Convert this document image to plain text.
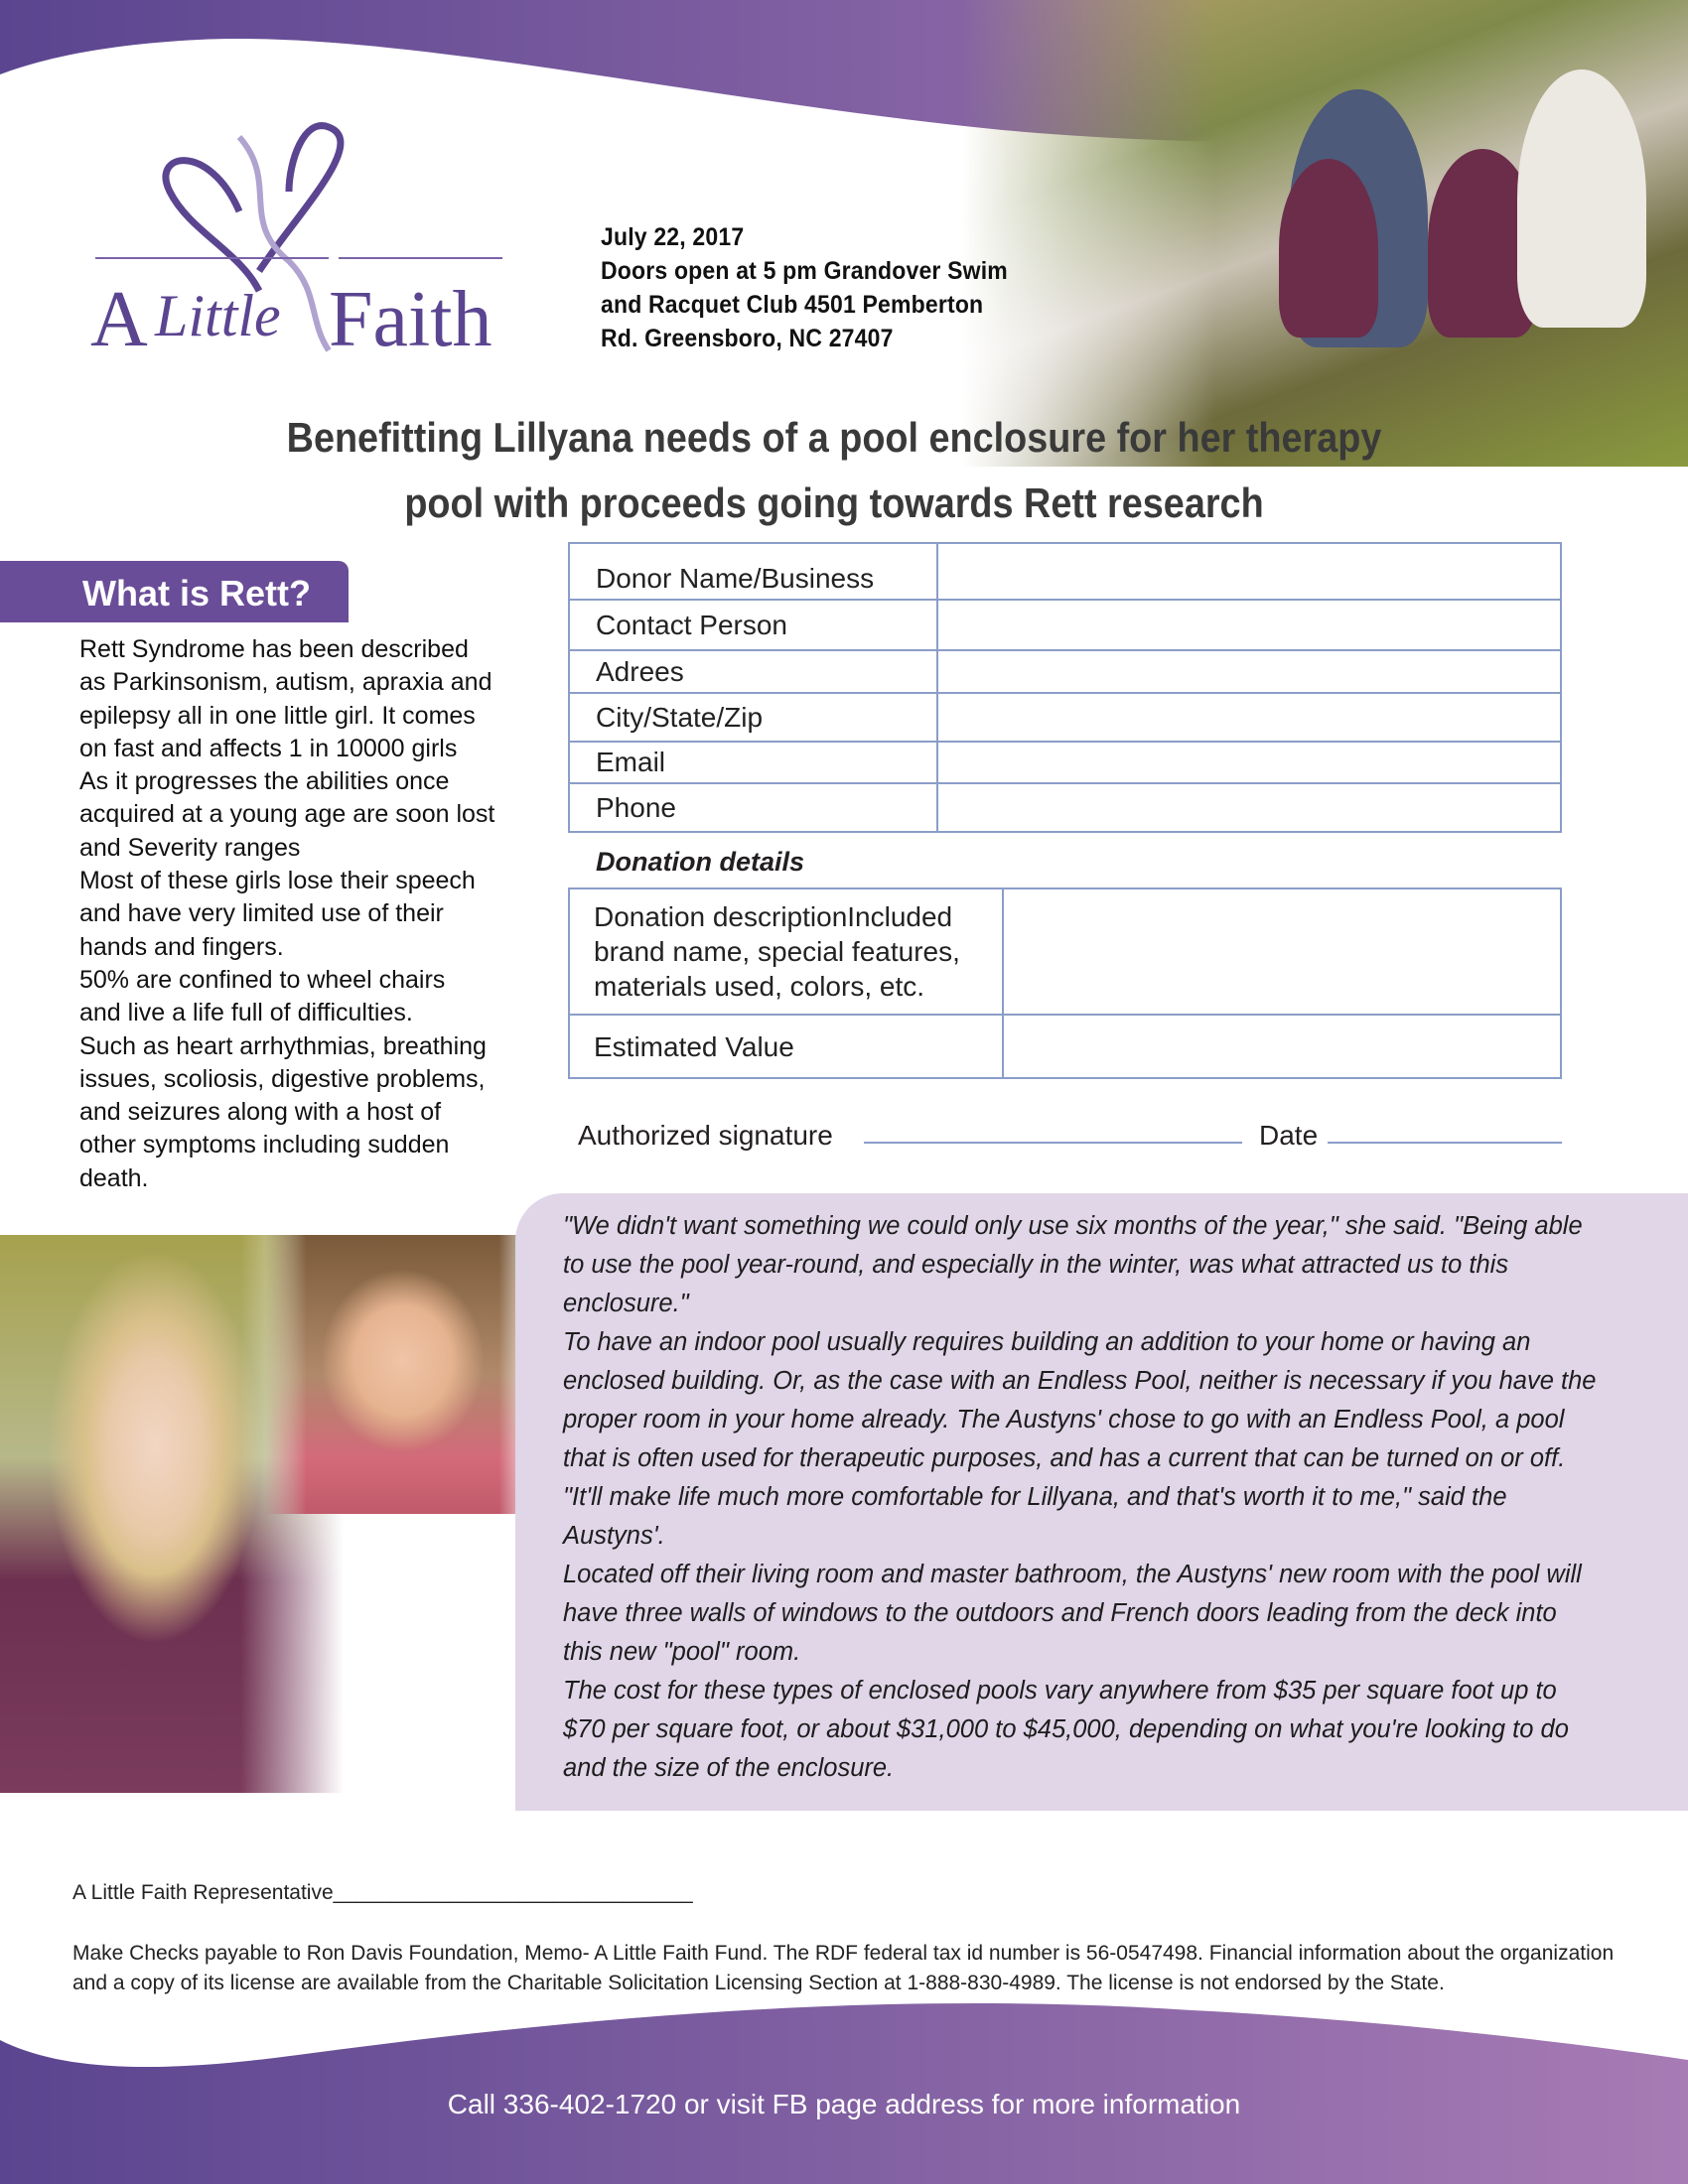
A Little Faith
July 22, 2017
Doors open at 5 pm Grandover Swim
and Racquet Club 4501 Pemberton
Rd. Greensboro, NC 27407
Benefitting Lillyana needs of a pool enclosure for her therapy
pool with proceeds going towards Rett research
What is Rett?
Rett Syndrome has been described
as Parkinsonism, autism, apraxia and
epilepsy all in one little girl. It comes
on fast and affects 1 in 10000 girls
As it progresses the abilities once
acquired at a young age are soon lost
and Severity ranges
Most of these girls lose their speech
and have very limited use of their
hands and fingers.
50% are confined to wheel chairs
and live a life full of difficulties.
Such as heart arrhythmias, breathing
issues, scoliosis, digestive problems,
and seizures along with a host of
other symptoms including sudden
death.
Donor Name/Business	
Contact Person	
Adrees	
City/State/Zip	
Email	
Phone	
Donation details
Donation descriptionIncluded brand name, special features, materials used, colors, etc.	
Estimated Value	
Authorized signature	Date
"We didn't want something we could only use six months of the year," she said. "Being able
to use the pool year-round, and especially in the winter, was what attracted us to this
enclosure."
To have an indoor pool usually requires building an addition to your home or having an
enclosed building. Or, as the case with an Endless Pool, neither is necessary if you have the
proper room in your home already. The Austyns' chose to go with an Endless Pool, a pool
that is often used for therapeutic purposes, and has a current that can be turned on or off.
"It'll make life much more comfortable for Lillyana, and that's worth it to me," said the
Austyns'.
Located off their living room and master bathroom, the Austyns' new room with the pool will
have three walls of windows to the outdoors and French doors leading from the deck into
this new "pool" room.
The cost for these types of enclosed pools vary anywhere from $35 per square foot up to
$70 per square foot, or about $31,000 to $45,000, depending on what you're looking to do
and the size of the enclosure.
A Little Faith Representative_______________________________
Make Checks payable to Ron Davis Foundation, Memo- A Little Faith Fund. The RDF federal tax id number is 56-0547498. Financial information about the organization and a copy of its license are available from the Charitable Solicitation Licensing Section at 1-888-830-4989. The license is not endorsed by the State.
Call 336-402-1720 or visit FB page address for more information
